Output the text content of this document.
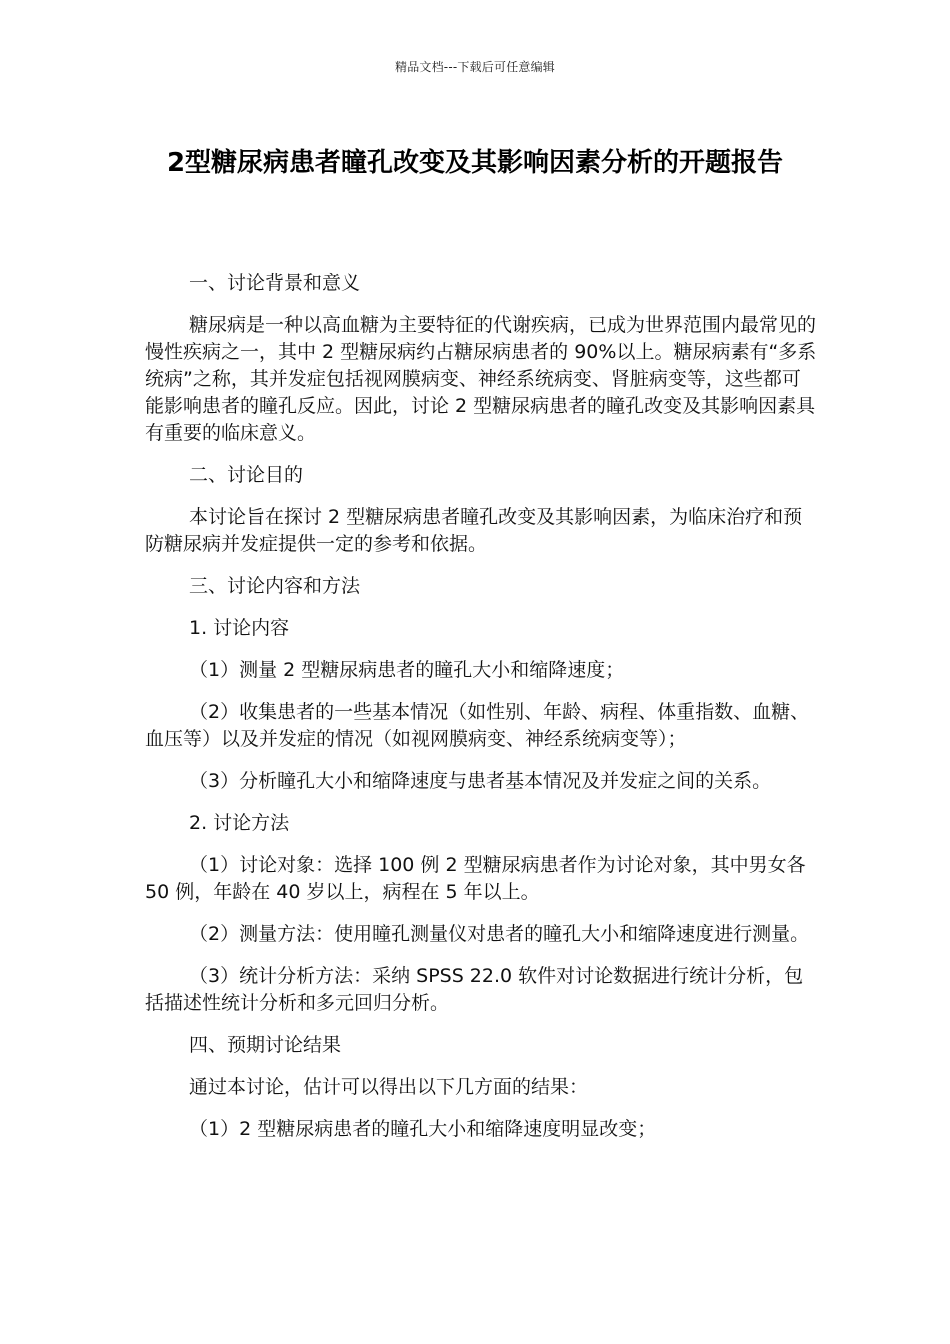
精品文档---下载后可任意编辑
2型糖尿病患者瞳孔改变及其影响因素分析的开题报告

一、讨论背景和意义

糖尿病是一种以高血糖为主要特征的代谢疾病，已成为世界范围内最常见的慢性疾病之一，其中 2 型糖尿病约占糖尿病患者的 90%以上。糖尿病素有“多系统病”之称，其并发症包括视网膜病变、神经系统病变、肾脏病变等，这些都可能影响患者的瞳孔反应。因此，讨论 2 型糖尿病患者的瞳孔改变及其影响因素具有重要的临床意义。

二、讨论目的

本讨论旨在探讨 2 型糖尿病患者瞳孔改变及其影响因素，为临床治疗和预防糖尿病并发症提供一定的参考和依据。

三、讨论内容和方法

1. 讨论内容

（1）测量 2 型糖尿病患者的瞳孔大小和缩降速度；

（2）收集患者的一些基本情况（如性别、年龄、病程、体重指数、血糖、血压等）以及并发症的情况（如视网膜病变、神经系统病变等）；

（3）分析瞳孔大小和缩降速度与患者基本情况及并发症之间的关系。

2. 讨论方法

（1）讨论对象：选择 100 例 2 型糖尿病患者作为讨论对象，其中男女各 50 例，年龄在 40 岁以上，病程在 5 年以上。

（2）测量方法：使用瞳孔测量仪对患者的瞳孔大小和缩降速度进行测量。

（3）统计分析方法：采纳 SPSS 22.0 软件对讨论数据进行统计分析，包括描述性统计分析和多元回归分析。

四、预期讨论结果

通过本讨论，估计可以得出以下几方面的结果：

（1）2 型糖尿病患者的瞳孔大小和缩降速度明显改变；
